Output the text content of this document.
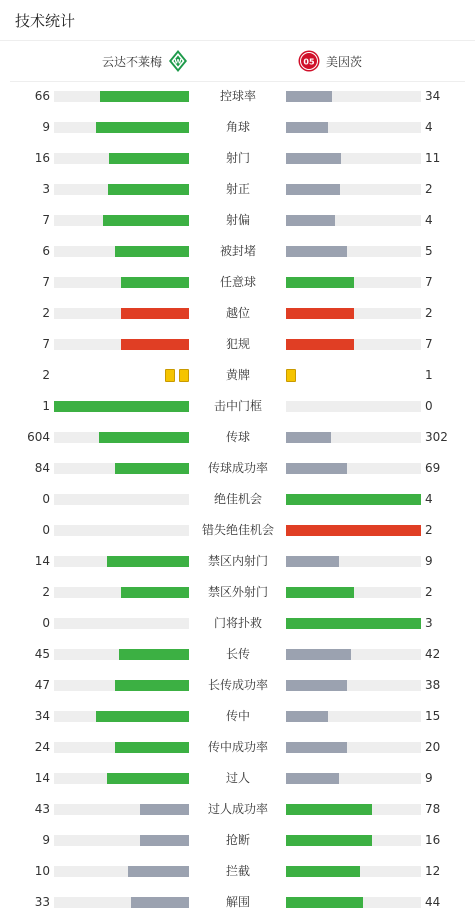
技术统计
云达不莱梅 W	05 美因茨
66	控球率	34
9	角球	4
16	射门	11
3	射正	2
7	射偏	4
6	被封堵	5
7	任意球	7
2	越位	2
7	犯规	7
2	黄牌	1
1	击中门框	0
604	传球	302
84	传球成功率	69
0	绝佳机会	4
0	错失绝佳机会	2
14	禁区内射门	9
2	禁区外射门	2
0	门将扑救	3
45	长传	42
47	长传成功率	38
34	传中	15
24	传中成功率	20
14	过人	9
43	过人成功率	78
9	抢断	16
10	拦截	12
33	解围	44
